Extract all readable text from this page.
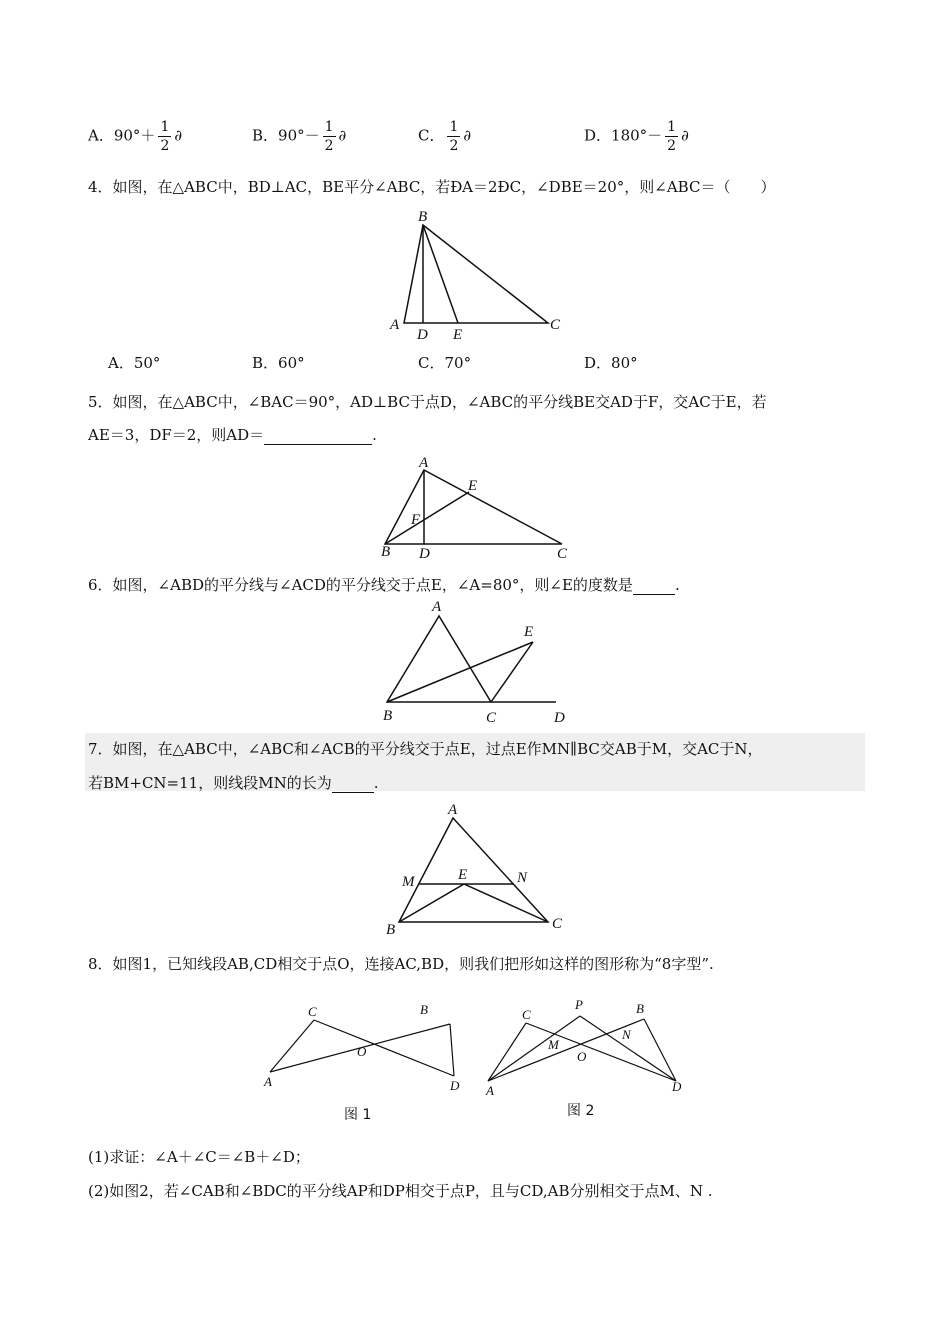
A．$90^\circ+ \frac{1}{2}$ ∂	B．$90^\circ- \frac{1}{2}$ ∂	C． $\frac{1}{2}$ ∂	D．$180^\circ- \frac{1}{2}$ ∂
4．如图，在△ABC中，BD⊥AC，BE平分∠ABC，若ÐA＝2ÐC，∠DBE＝20°，则∠ABC＝（　　）
B
A
D E
C
A．50°	B．60°	C．70°	D．80°
5．如图，在△ABC中，∠BAC＝90°，AD⊥BC于点D，∠ABC的平分线BE交AD于F，交AC于E，若
AE＝3，DF＝2，则AD＝	.
A
E
F
B D	C
6．如图，∠ABD的平分线与∠ACD的平分线交于点E，∠A=80°，则∠E的度数是	.
A
E
B	C	D
7．如图，在△ABC中，∠ABC和∠ACB的平分线交于点E，过点E作MN∥BC交AB于M，交AC于N，
若BM+CN=11，则线段MN的长为	.
A
M	E	N
B	C
8．如图1，已知线段AB,CD相交于点O，连接AC,BD，则我们把形如这样的图形称为“8字型”.
C	B
O
A	D
图 1
C
P	B
M
N
O
A	D
图 2
(1)求证：∠A＋∠C＝∠B＋∠D；
(2)如图2，若∠CAB和∠BDC的平分线AP和DP相交于点P，且与CD,AB分别相交于点M、N .
